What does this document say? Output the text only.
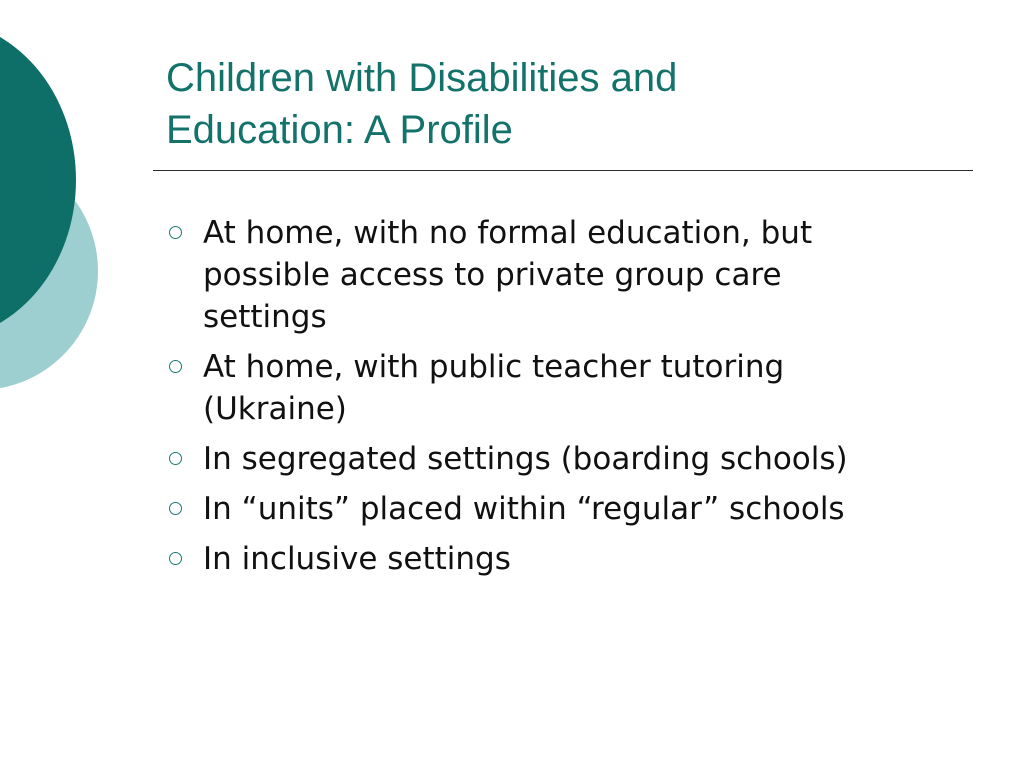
Children with Disabilities and
Education: A Profile
At home, with no formal education, but
possible access to private group care
settings
At home, with public teacher tutoring
(Ukraine)
In segregated settings (boarding schools)
In “units” placed within “regular” schools
In inclusive settings
